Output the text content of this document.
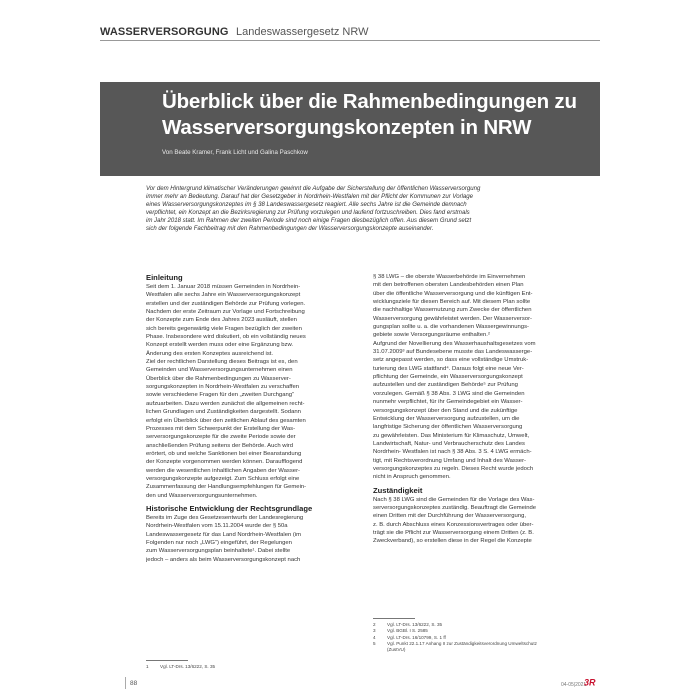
WASSERVERSORGUNG Landeswassergesetz NRW
Überblick über die Rahmenbedingungen zu
Wasserversorgungskonzepten in NRW
Von Beate Kramer, Frank Licht und Galina Paschkow
Vor dem Hintergrund klimatischer Veränderungen gewinnt die Aufgabe der Sicherstellung der öffentlichen Wasserversorgung
immer mehr an Bedeutung. Darauf hat der Gesetzgeber in Nordrhein-Westfalen mit der Pflicht der Kommunen zur Vorlage
eines Wasserversorgungskonzeptes im § 38 Landeswassergesetz reagiert. Alle sechs Jahre ist die Gemeinde demnach
verpflichtet, ein Konzept an die Bezirksregierung zur Prüfung vorzulegen und laufend fortzuschreiben. Dies fand erstmals
im Jahr 2018 statt. Im Rahmen der zweiten Periode sind noch einige Fragen diesbezüglich offen. Aus diesem Grund setzt
sich der folgende Fachbeitrag mit den Rahmenbedingungen der Wasserversorgungskonzepte auseinander.
Einleitung
Seit dem 1. Januar 2018 müssen Gemeinden in Nordrhein-
Westfalen alle sechs Jahre ein Wasserversorgungskonzept
erstellen und der zuständigen Behörde zur Prüfung vorlegen.
Nachdem der erste Zeitraum zur Vorlage und Fortschreibung
der Konzepte zum Ende des Jahres 2023 ausläuft, stellen
sich bereits gegenwärtig viele Fragen bezüglich der zweiten
Phase. Insbesondere wird diskutiert, ob ein vollständig neues
Konzept erstellt werden muss oder eine Ergänzung bzw.
Änderung des ersten Konzeptes ausreichend ist.
Ziel der rechtlichen Darstellung dieses Beitrags ist es, den
Gemeinden und Wasserversorgungsunternehmen einen
Überblick über die Rahmenbedingungen zu Wasserver-
sorgungskonzepten in Nordrhein-Westfalen zu verschaffen
sowie verschiedene Fragen für den „zweiten Durchgang“
aufzuarbeiten. Dazu werden zunächst die allgemeinen recht-
lichen Grundlagen und Zuständigkeiten dargestellt. Sodann
erfolgt ein Überblick über den zeitlichen Ablauf des gesamten
Prozesses mit dem Schwerpunkt der Erstellung der Was-
serversorgungskonzepte für die zweite Periode sowie der
anschließenden Prüfung seitens der Behörde. Auch wird
erörtert, ob und welche Sanktionen bei einer Beanstandung
der Konzepte vorgenommen werden können. Daraufflogend
werden die wesentlichen inhaltlichen Angaben der Wasser-
versorgungskonzepte aufgezeigt. Zum Schluss erfolgt eine
Zusammenfassung der Handlungsempfehlungen für Gemein-
den und Wasserversorgungsunternehmen.
Historische Entwicklung der Rechtsgrundlage
Bereits im Zuge des Gesetzesentwurfs der Landesregierung
Nordrhein-Westfalen vom 15.11.2004 wurde der § 50a
Landeswassergesetz für das Land Nordrhein-Westfalen (im
Folgenden nur noch „LWG“) eingeführt, der Regelungen
zum Wasserversorgungsplan beinhaltete¹. Dabei stellte
jedoch – anders als beim Wasserversorgungskonzept nach
§ 38 LWG – die oberste Wasserbehörde im Einvernehmen
mit den betroffenen obersten Landesbehörden einen Plan
über die öffentliche Wasserversorgung und die künftigen Ent-
wicklungsziele für diesen Bereich auf. Mit diesem Plan sollte
die nachhaltige Wassernutzung zum Zwecke der öffentlichen
Wasserversorgung gewährleistet werden. Der Wasserversor-
gungsplan sollte u. a. die vorhandenen Wassergewinnungs-
gebiete sowie Versorgungsräume enthalten.²
Aufgrund der Novellierung des Wasserhaushaltsgesetzes vom
31.07.2009³ auf Bundesebene musste das Landeswasserge-
setz angepasst werden, so dass eine vollständige Umstruk-
turierung des LWG stattfand⁴. Daraus folgt eine neue Ver-
pflichtung der Gemeinde, ein Wasserversorgungskonzept
aufzustellen und der zuständigen Behörde⁵ zur Prüfung
vorzulegen. Gemäß § 38 Abs. 3 LWG sind die Gemeinden
nunmehr verpflichtet, für ihr Gemeindegebiet ein Wasser-
versorgungskonzept über den Stand und die zukünftige
Entwicklung der Wasserversorgung aufzustellen, um die
langfristige Sicherung der öffentlichen Wasserversorgung
zu gewährleisten. Das Ministerium für Klimaschutz, Umwelt,
Landwirtschaft, Natur- und Verbraucherschutz des Landes
Nordrhein- Westfalen ist nach § 38 Abs. 3 S. 4 LWG ermäch-
tigt, mit Rechtsverordnung Umfang und Inhalt des Wasser-
versorgungskonzeptes zu regeln. Dieses Recht wurde jedoch
nicht in Anspruch genommen.
Zuständigkeit
Nach § 38 LWG sind die Gemeinden für die Vorlage des Was-
serversorgungskonzeptes zuständig. Beauftragt die Gemeinde
einen Dritten mit der Durchführung der Wasserversorgung,
z. B. durch Abschluss eines Konzessionsvertrages oder über-
trägt sie die Pflicht zur Wasserversorgung einem Dritten (z. B.
Zweckverband), so erstellen diese in der Regel die Konzepte
1 Vgl. LT-Drs. 13/6222, S. 35
2 Vgl. LT-Drs. 13/6222, S. 35
3 Vgl. BGBl. I S. 2585
4 Vgl. LT-Drs. 16/10799, S. 1 ff
5 Vgl. Punkt 22.1.17 Anhang II zur Zuständigkeitsverordnung Umweltschutz
(ZustVU)
88	04-05|2021
3R
